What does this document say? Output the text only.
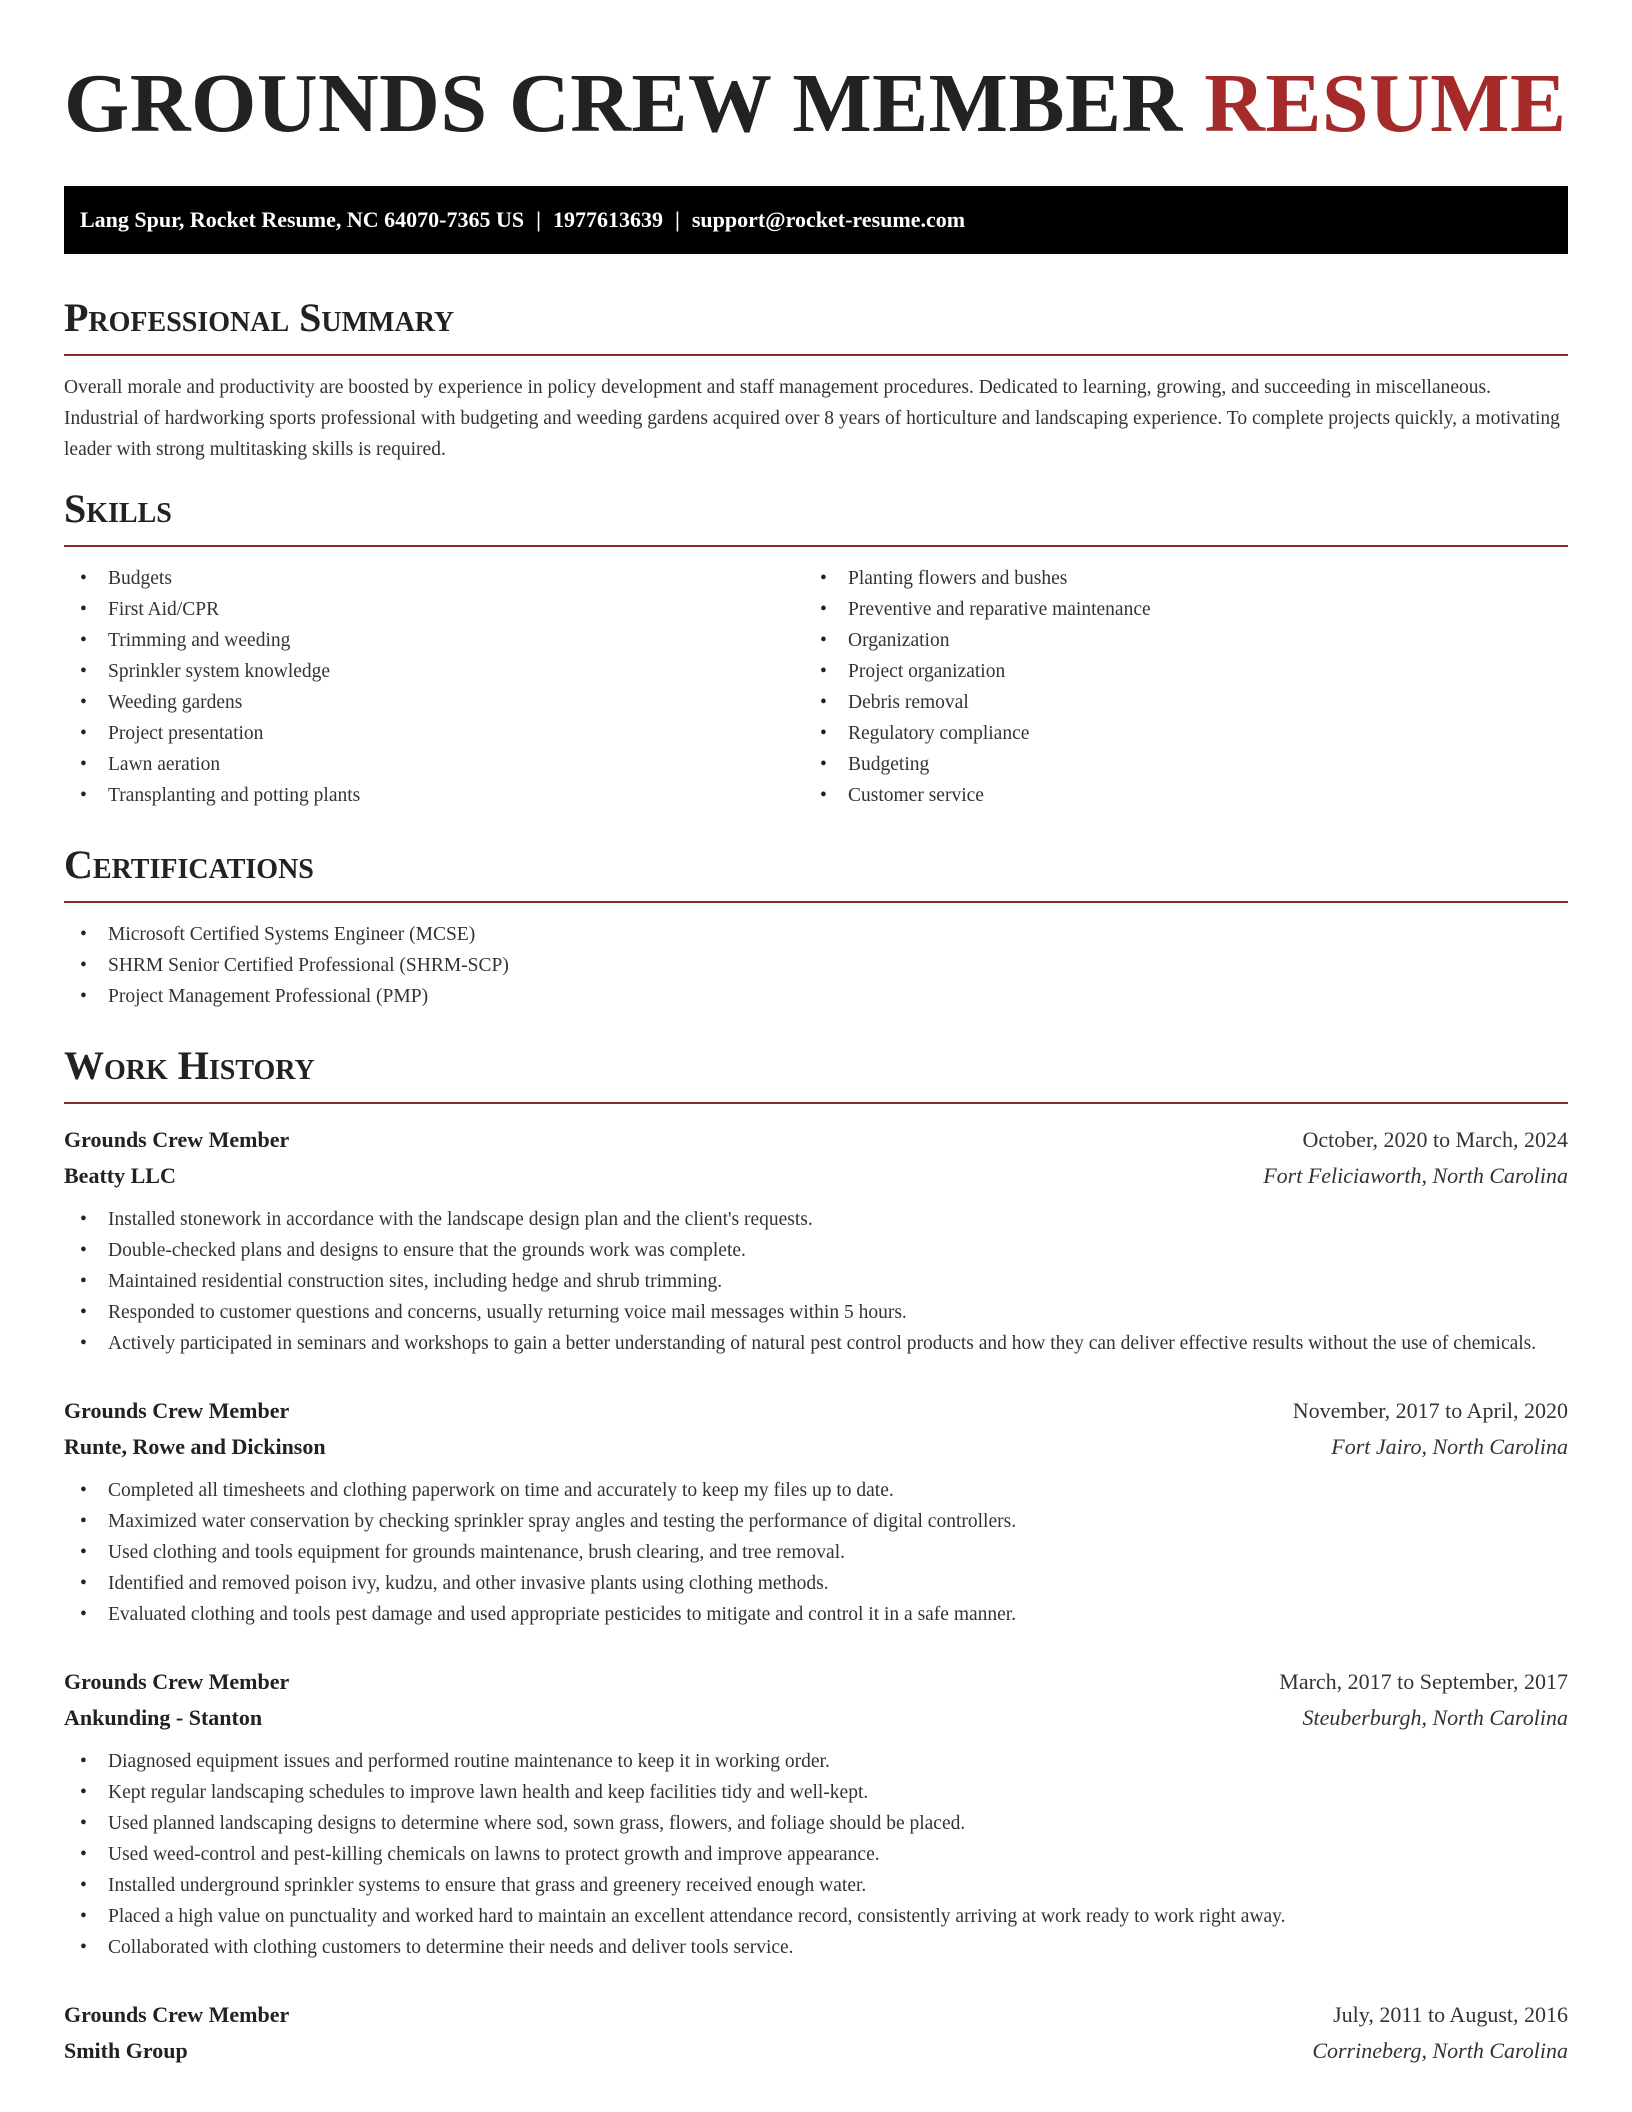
GROUNDS CREW MEMBER RESUME
Lang Spur, Rocket Resume, NC 64070-7365 US | 1977613639 | support@rocket-resume.com
Professional Summary

Overall morale and productivity are boosted by experience in policy development and staff management procedures. Dedicated to learning, growing, and succeeding in miscellaneous. Industrial of hardworking sports professional with budgeting and weeding gardens acquired over 8 years of horticulture and landscaping experience. To complete projects quickly, a motivating leader with strong multitasking skills is required.

Skills
• Budgets
• First Aid/CPR
• Trimming and weeding
• Sprinkler system knowledge
• Weeding gardens
• Project presentation
• Lawn aeration
• Transplanting and potting plants
• Planting flowers and bushes
• Preventive and reparative maintenance
• Organization
• Project organization
• Debris removal
• Regulatory compliance
• Budgeting
• Customer service
Certifications
• Microsoft Certified Systems Engineer (MCSE)
• SHRM Senior Certified Professional (SHRM-SCP)
• Project Management Professional (PMP)
Work History
Grounds Crew Member	October, 2020 to March, 2024
Beatty LLC	Fort Feliciaworth, North Carolina
• Installed stonework in accordance with the landscape design plan and the client's requests.
• Double-checked plans and designs to ensure that the grounds work was complete.
• Maintained residential construction sites, including hedge and shrub trimming.
• Responded to customer questions and concerns, usually returning voice mail messages within 5 hours.
• Actively participated in seminars and workshops to gain a better understanding of natural pest control products and how they can deliver effective results without the use of chemicals.
Grounds Crew Member	November, 2017 to April, 2020
Runte, Rowe and Dickinson	Fort Jairo, North Carolina
• Completed all timesheets and clothing paperwork on time and accurately to keep my files up to date.
• Maximized water conservation by checking sprinkler spray angles and testing the performance of digital controllers.
• Used clothing and tools equipment for grounds maintenance, brush clearing, and tree removal.
• Identified and removed poison ivy, kudzu, and other invasive plants using clothing methods.
• Evaluated clothing and tools pest damage and used appropriate pesticides to mitigate and control it in a safe manner.
Grounds Crew Member	March, 2017 to September, 2017
Ankunding - Stanton	Steuberburgh, North Carolina
• Diagnosed equipment issues and performed routine maintenance to keep it in working order.
• Kept regular landscaping schedules to improve lawn health and keep facilities tidy and well-kept.
• Used planned landscaping designs to determine where sod, sown grass, flowers, and foliage should be placed.
• Used weed-control and pest-killing chemicals on lawns to protect growth and improve appearance.
• Installed underground sprinkler systems to ensure that grass and greenery received enough water.
• Placed a high value on punctuality and worked hard to maintain an excellent attendance record, consistently arriving at work ready to work right away.
• Collaborated with clothing customers to determine their needs and deliver tools service.
Grounds Crew Member	July, 2011 to August, 2016
Smith Group	Corrineberg, North Carolina
